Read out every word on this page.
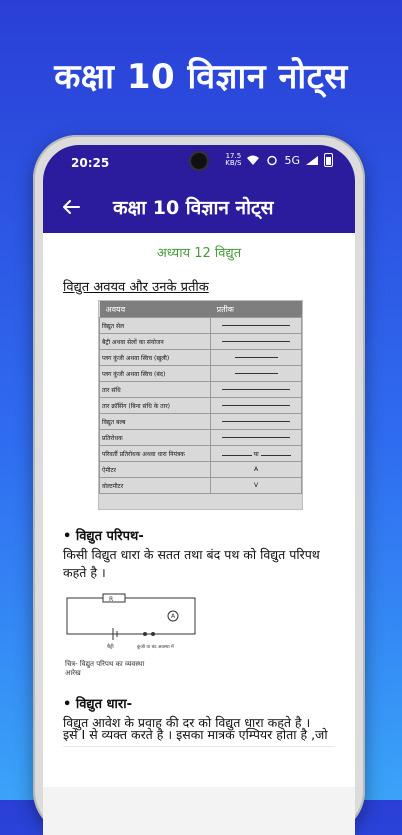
कक्षा 10 विज्ञान नोट्स
20:25	17.5
KB/S	5G
कक्षा 10 विज्ञान नोट्स
अध्याय 12 विद्युत
विद्युत अवयव और उनके प्रतीक
अवयव	प्रतीक
विद्युत सेल	

बैट्री अथवा सेलों का संयोजन	

प्लग कुंजी अथवा स्विच (खुली)	

प्लग कुंजी अथवा स्विच (बंद)	

तार संधि	

तार क्रॉसिंग (बिना संधि के तार)	

विद्युत बल्ब	

प्रतिरोधक	

परिवर्ती प्रतिरोधक अथवा धारा नियंत्रक	या
ऐमीटर	A
वोल्टमीटर	V
• विद्युत परिपथ-
किसी विद्युत धारा के सतत तथा बंद पथ को विद्युत परिपथ कहते है ।
R
A
बैट्री	कुंजी या बंद अवस्था में
चित्र- विद्युत परिपथ का व्यवस्था आरेख
• विद्युत धारा-
विद्युत आवेश के प्रवाह की दर को विद्युत धारा कहते है ।
इसे I से व्यक्त करते है । इसका मात्रक एम्पियर होता है ,जो
